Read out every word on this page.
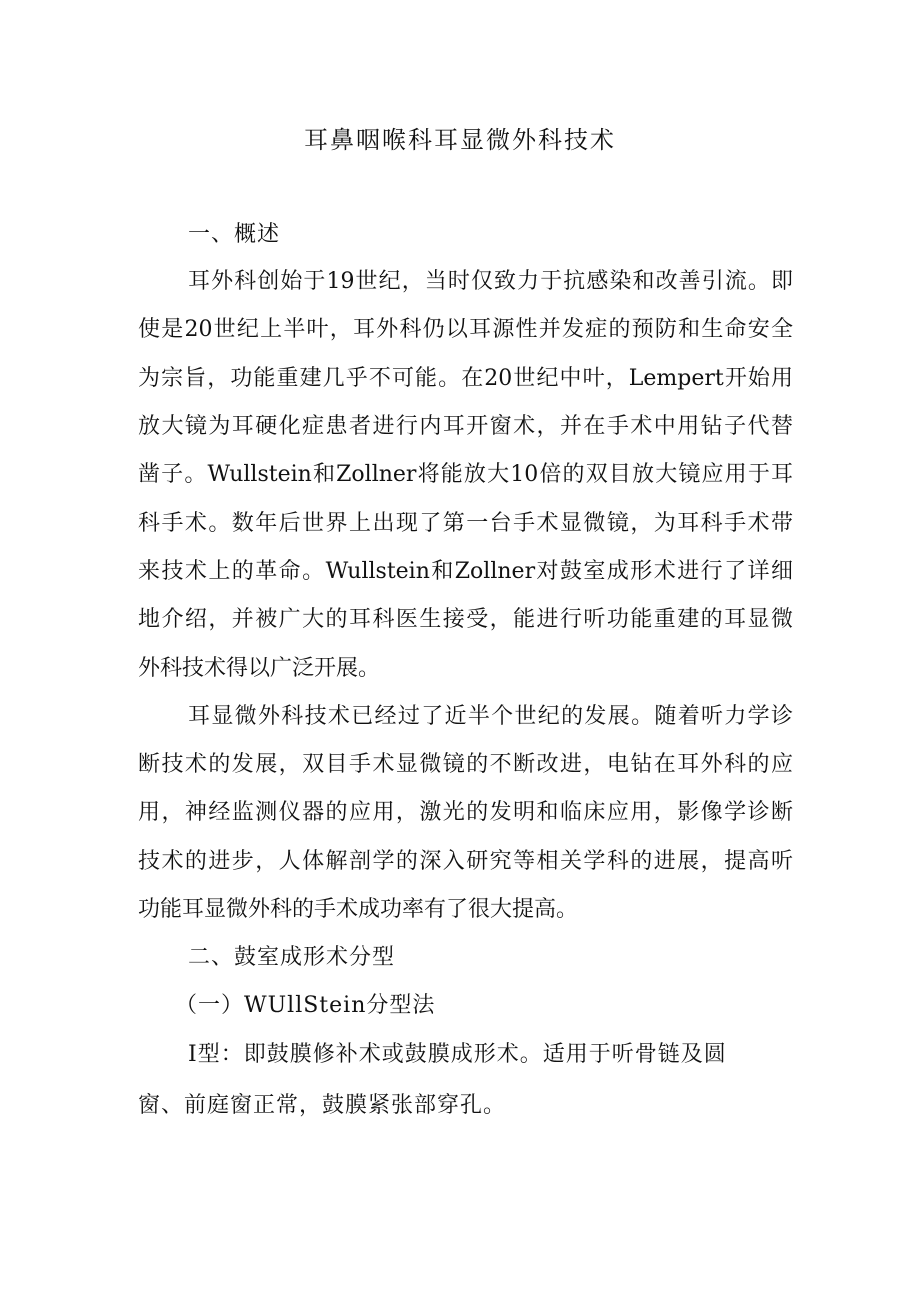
耳鼻咽喉科耳显微外科技术
一、概述
耳外科创始于19世纪，当时仅致力于抗感染和改善引流。即
使是20世纪上半叶，耳外科仍以耳源性并发症的预防和生命安全
为宗旨，功能重建几乎不可能。在20世纪中叶，Lempert开始用
放大镜为耳硬化症患者进行内耳开窗术，并在手术中用钻子代替
凿子。Wullstein和Zollner将能放大10倍的双目放大镜应用于耳
科手术。数年后世界上出现了第一台手术显微镜，为耳科手术带
来技术上的革命。Wullstein和Zollner对鼓室成形术进行了详细
地介绍，并被广大的耳科医生接受，能进行听功能重建的耳显微
外科技术得以广泛开展。
耳显微外科技术已经过了近半个世纪的发展。随着听力学诊
断技术的发展，双目手术显微镜的不断改进，电钻在耳外科的应
用，神经监测仪器的应用，激光的发明和临床应用，影像学诊断
技术的进步，人体解剖学的深入研究等相关学科的进展，提高听
功能耳显微外科的手术成功率有了很大提高。
二、鼓室成形术分型
（一）WUllStein分型法
I型：即鼓膜修补术或鼓膜成形术。适用于听骨链及圆
窗、前庭窗正常，鼓膜紧张部穿孔。
